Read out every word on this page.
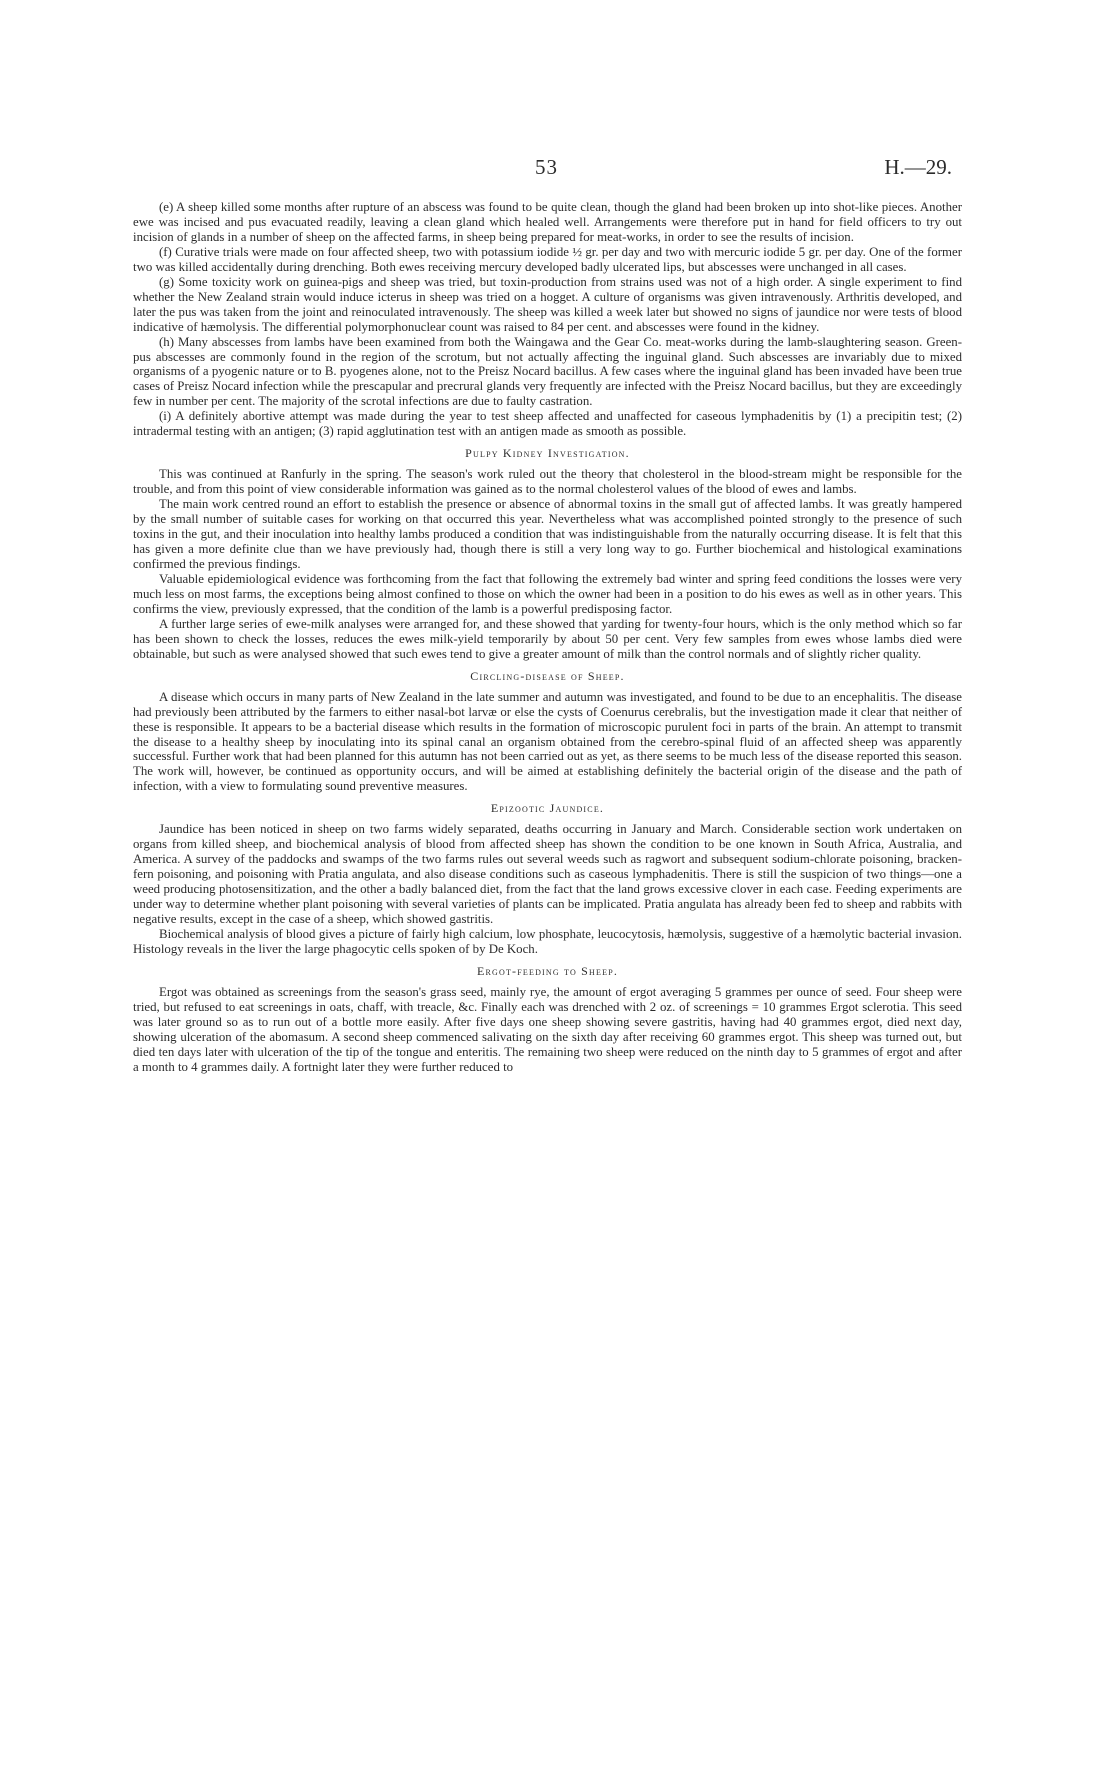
53	H.—29.

(e) A sheep killed some months after rupture of an abscess was found to be quite clean, though the gland had been broken up into shot-like pieces. Another ewe was incised and pus evacuated readily, leaving a clean gland which healed well. Arrangements were therefore put in hand for field officers to try out incision of glands in a number of sheep on the affected farms, in sheep being prepared for meat-works, in order to see the results of incision.

(f) Curative trials were made on four affected sheep, two with potassium iodide ½ gr. per day and two with mercuric iodide 5 gr. per day. One of the former two was killed accidentally during drenching. Both ewes receiving mercury developed badly ulcerated lips, but abscesses were unchanged in all cases.

(g) Some toxicity work on guinea-pigs and sheep was tried, but toxin-production from strains used was not of a high order. A single experiment to find whether the New Zealand strain would induce icterus in sheep was tried on a hogget. A culture of organisms was given intravenously. Arthritis developed, and later the pus was taken from the joint and reinoculated intravenously. The sheep was killed a week later but showed no signs of jaundice nor were tests of blood indicative of hæmolysis. The differential polymorphonuclear count was raised to 84 per cent. and abscesses were found in the kidney.

(h) Many abscesses from lambs have been examined from both the Waingawa and the Gear Co. meat-works during the lamb-slaughtering season. Green-pus abscesses are commonly found in the region of the scrotum, but not actually affecting the inguinal gland. Such abscesses are invariably due to mixed organisms of a pyogenic nature or to B. pyogenes alone, not to the Preisz Nocard bacillus. A few cases where the inguinal gland has been invaded have been true cases of Preisz Nocard infection while the prescapular and precrural glands very frequently are infected with the Preisz Nocard bacillus, but they are exceedingly few in number per cent. The majority of the scrotal infections are due to faulty castration.

(i) A definitely abortive attempt was made during the year to test sheep affected and unaffected for caseous lymphadenitis by (1) a precipitin test; (2) intradermal testing with an antigen; (3) rapid agglutination test with an antigen made as smooth as possible.

Pulpy Kidney Investigation.

This was continued at Ranfurly in the spring. The season's work ruled out the theory that cholesterol in the blood-stream might be responsible for the trouble, and from this point of view considerable information was gained as to the normal cholesterol values of the blood of ewes and lambs.

The main work centred round an effort to establish the presence or absence of abnormal toxins in the small gut of affected lambs. It was greatly hampered by the small number of suitable cases for working on that occurred this year. Nevertheless what was accomplished pointed strongly to the presence of such toxins in the gut, and their inoculation into healthy lambs produced a condition that was indistinguishable from the naturally occurring disease. It is felt that this has given a more definite clue than we have previously had, though there is still a very long way to go. Further biochemical and histological examinations confirmed the previous findings.

Valuable epidemiological evidence was forthcoming from the fact that following the extremely bad winter and spring feed conditions the losses were very much less on most farms, the exceptions being almost confined to those on which the owner had been in a position to do his ewes as well as in other years. This confirms the view, previously expressed, that the condition of the lamb is a powerful predisposing factor.

A further large series of ewe-milk analyses were arranged for, and these showed that yarding for twenty-four hours, which is the only method which so far has been shown to check the losses, reduces the ewes milk-yield temporarily by about 50 per cent. Very few samples from ewes whose lambs died were obtainable, but such as were analysed showed that such ewes tend to give a greater amount of milk than the control normals and of slightly richer quality.

Circling-disease of Sheep.

A disease which occurs in many parts of New Zealand in the late summer and autumn was investigated, and found to be due to an encephalitis. The disease had previously been attributed by the farmers to either nasal-bot larvæ or else the cysts of Coenurus cerebralis, but the investigation made it clear that neither of these is responsible. It appears to be a bacterial disease which results in the formation of microscopic purulent foci in parts of the brain. An attempt to transmit the disease to a healthy sheep by inoculating into its spinal canal an organism obtained from the cerebro-spinal fluid of an affected sheep was apparently successful. Further work that had been planned for this autumn has not been carried out as yet, as there seems to be much less of the disease reported this season. The work will, however, be continued as opportunity occurs, and will be aimed at establishing definitely the bacterial origin of the disease and the path of infection, with a view to formulating sound preventive measures.

Epizootic Jaundice.

Jaundice has been noticed in sheep on two farms widely separated, deaths occurring in January and March. Considerable section work undertaken on organs from killed sheep, and biochemical analysis of blood from affected sheep has shown the condition to be one known in South Africa, Australia, and America. A survey of the paddocks and swamps of the two farms rules out several weeds such as ragwort and subsequent sodium-chlorate poisoning, bracken-fern poisoning, and poisoning with Pratia angulata, and also disease conditions such as caseous lymphadenitis. There is still the suspicion of two things—one a weed producing photosensitization, and the other a badly balanced diet, from the fact that the land grows excessive clover in each case. Feeding experiments are under way to determine whether plant poisoning with several varieties of plants can be implicated. Pratia angulata has already been fed to sheep and rabbits with negative results, except in the case of a sheep, which showed gastritis.

Biochemical analysis of blood gives a picture of fairly high calcium, low phosphate, leucocytosis, hæmolysis, suggestive of a hæmolytic bacterial invasion. Histology reveals in the liver the large phagocytic cells spoken of by De Koch.

Ergot-feeding to Sheep.

Ergot was obtained as screenings from the season's grass seed, mainly rye, the amount of ergot averaging 5 grammes per ounce of seed. Four sheep were tried, but refused to eat screenings in oats, chaff, with treacle, &c. Finally each was drenched with 2 oz. of screenings = 10 grammes Ergot sclerotia. This seed was later ground so as to run out of a bottle more easily. After five days one sheep showing severe gastritis, having had 40 grammes ergot, died next day, showing ulceration of the abomasum. A second sheep commenced salivating on the sixth day after receiving 60 grammes ergot. This sheep was turned out, but died ten days later with ulceration of the tip of the tongue and enteritis. The remaining two sheep were reduced on the ninth day to 5 grammes of ergot and after a month to 4 grammes daily. A fortnight later they were further reduced to
